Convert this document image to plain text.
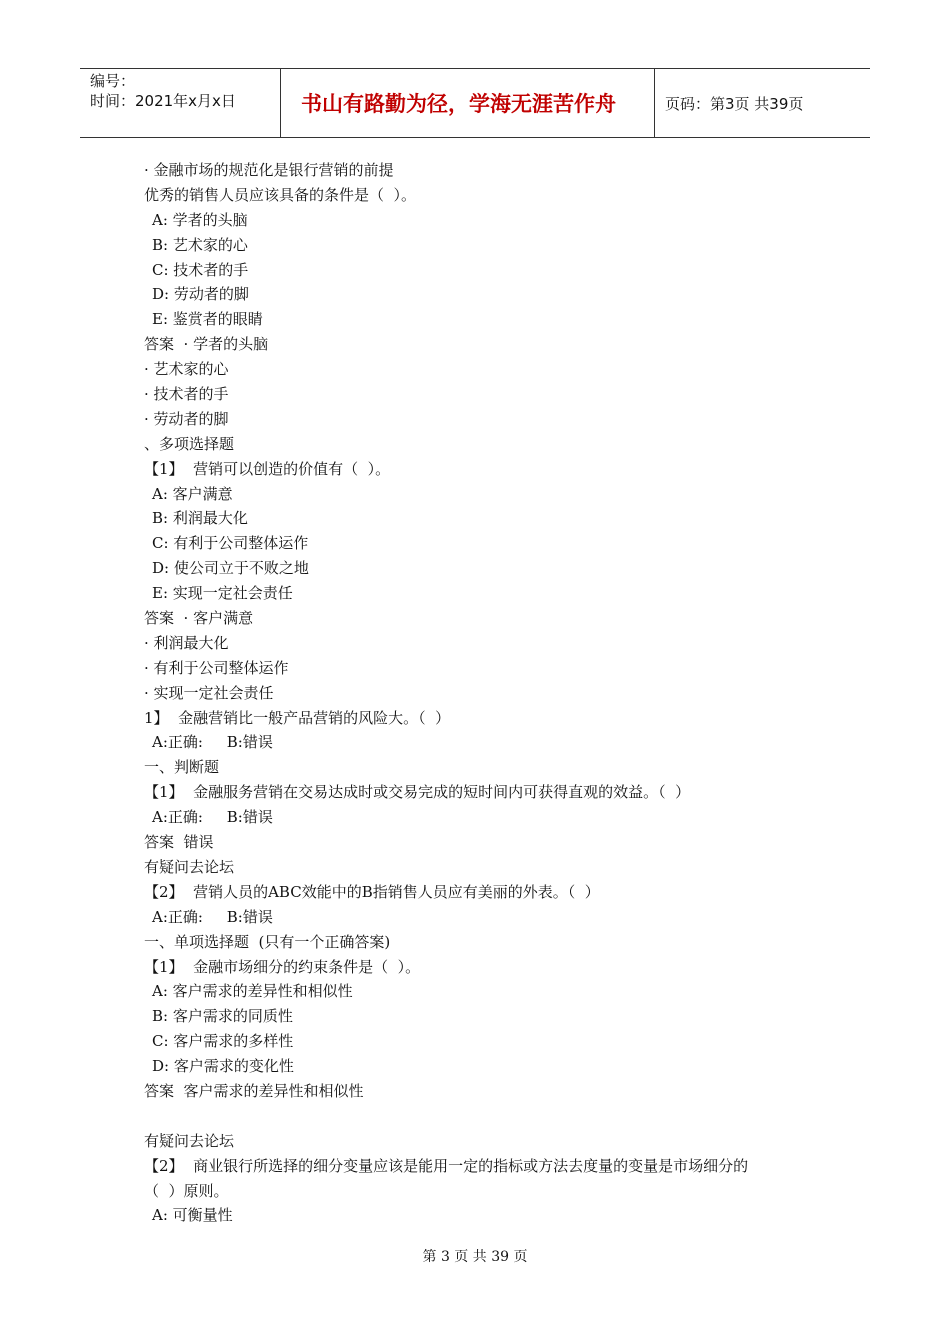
编号：
时间：2021年x月x日	书山有路勤为径，学海无涯苦作舟	页码：第3页 共39页
· 金融市场的规范化是银行营销的前提
优秀的销售人员应该具备的条件是（  ）。
A: 学者的头脑
B: 艺术家的心
C: 技术者的手
D: 劳动者的脚
E: 鉴赏者的眼睛
答案  · 学者的头脑
· 艺术家的心
· 技术者的手
· 劳动者的脚
、多项选择题
【1】  营销可以创造的价值有（  ）。
A: 客户满意
B: 利润最大化
C: 有利于公司整体运作
D: 使公司立于不败之地
E: 实现一定社会责任
答案  · 客户满意
· 利润最大化
· 有利于公司整体运作
· 实现一定社会责任
1】  金融营销比一般产品营销的风险大。（  ）
A:正确:     B:错误
一、判断题
【1】  金融服务营销在交易达成时或交易完成的短时间内可获得直观的效益。（  ）
A:正确:     B:错误
答案  错误
有疑问去论坛
【2】  营销人员的ABC效能中的B指销售人员应有美丽的外表。（  ）
A:正确:     B:错误
一、单项选择题  (只有一个正确答案)
【1】  金融市场细分的约束条件是（  ）。
A: 客户需求的差异性和相似性
B: 客户需求的同质性
C: 客户需求的多样性
D: 客户需求的变化性
答案  客户需求的差异性和相似性
有疑问去论坛
【2】  商业银行所选择的细分变量应该是能用一定的指标或方法去度量的变量是市场细分的
（  ）原则。
A: 可衡量性
第 3 页 共 39 页
